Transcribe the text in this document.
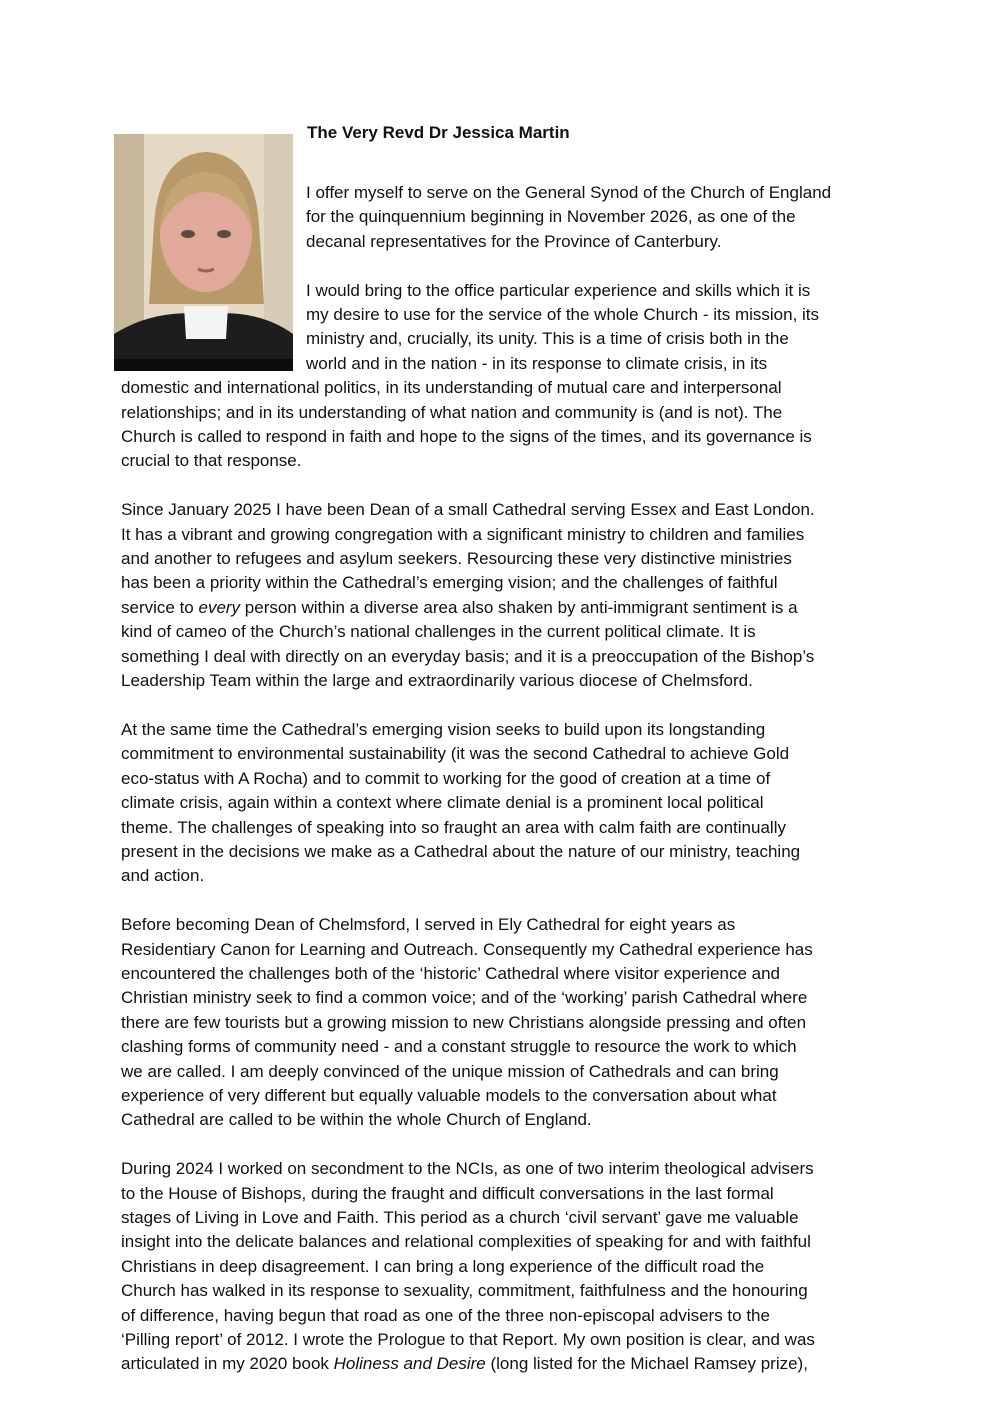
The Very Revd Dr Jessica Martin

I offer myself to serve on the General Synod of the Church of England
for the quinquennium beginning in November 2026, as one of the
decanal representatives for the Province of Canterbury.

I would bring to the office particular experience and skills which it is
my desire to use for the service of the whole Church - its mission, its
ministry and, crucially, its unity. This is a time of crisis both in the
world and in the nation - in its response to climate crisis, in its
domestic and international politics, in its understanding of mutual care and interpersonal
relationships; and in its understanding of what nation and community is (and is not). The
Church is called to respond in faith and hope to the signs of the times, and its governance is
crucial to that response.

Since January 2025 I have been Dean of a small Cathedral serving Essex and East London.
It has a vibrant and growing congregation with a significant ministry to children and families
and another to refugees and asylum seekers. Resourcing these very distinctive ministries
has been a priority within the Cathedral’s emerging vision; and the challenges of faithful
service to every person within a diverse area also shaken by anti-immigrant sentiment is a
kind of cameo of the Church’s national challenges in the current political climate. It is
something I deal with directly on an everyday basis; and it is a preoccupation of the Bishop’s
Leadership Team within the large and extraordinarily various diocese of Chelmsford.

At the same time the Cathedral’s emerging vision seeks to build upon its longstanding
commitment to environmental sustainability (it was the second Cathedral to achieve Gold
eco-status with A Rocha) and to commit to working for the good of creation at a time of
climate crisis, again within a context where climate denial is a prominent local political
theme. The challenges of speaking into so fraught an area with calm faith are continually
present in the decisions we make as a Cathedral about the nature of our ministry, teaching
and action.

Before becoming Dean of Chelmsford, I served in Ely Cathedral for eight years as
Residentiary Canon for Learning and Outreach. Consequently my Cathedral experience has
encountered the challenges both of the ‘historic’ Cathedral where visitor experience and
Christian ministry seek to find a common voice; and of the ‘working’ parish Cathedral where
there are few tourists but a growing mission to new Christians alongside pressing and often
clashing forms of community need - and a constant struggle to resource the work to which
we are called. I am deeply convinced of the unique mission of Cathedrals and can bring
experience of very different but equally valuable models to the conversation about what
Cathedral are called to be within the whole Church of England.

During 2024 I worked on secondment to the NCIs, as one of two interim theological advisers
to the House of Bishops, during the fraught and difficult conversations in the last formal
stages of Living in Love and Faith. This period as a church ‘civil servant’ gave me valuable
insight into the delicate balances and relational complexities of speaking for and with faithful
Christians in deep disagreement. I can bring a long experience of the difficult road the
Church has walked in its response to sexuality, commitment, faithfulness and the honouring
of difference, having begun that road as one of the three non-episcopal advisers to the
‘Pilling report’ of 2012. I wrote the Prologue to that Report. My own position is clear, and was
articulated in my 2020 book Holiness and Desire (long listed for the Michael Ramsey prize),
